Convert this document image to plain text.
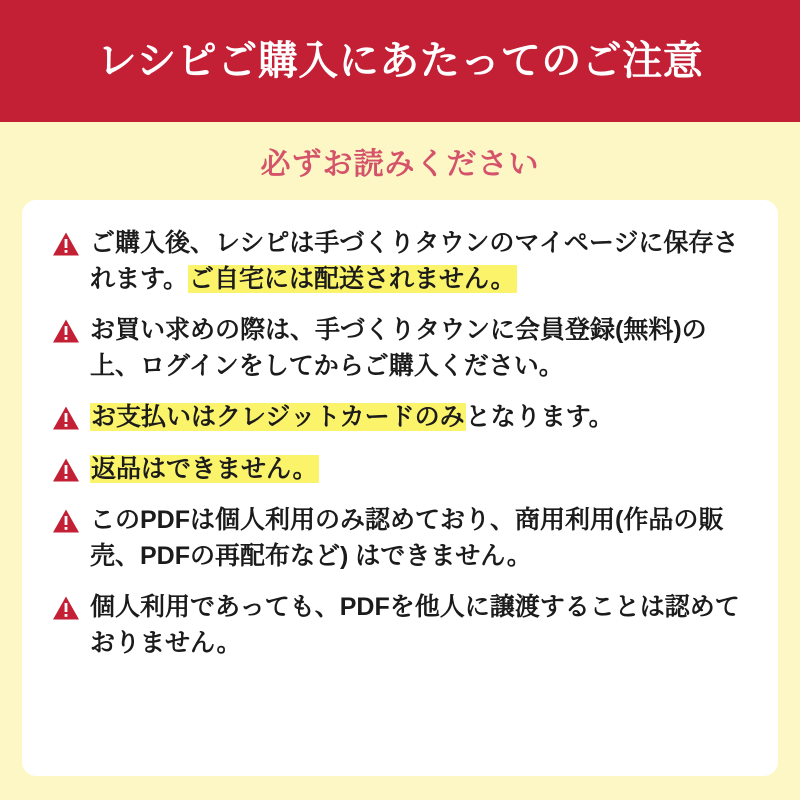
レシピご購入にあたってのご注意
必ずお読みください
ご購入後、レシピは手づくりタウンのマイページに保存されます。ご自宅には配送されません。
お買い求めの際は、手づくりタウンに会員登録(無料)の上、ログインをしてからご購入ください。
お支払いはクレジットカードのみとなります。
返品はできません。
このPDFは個人利用のみ認めており、商用利用(作品の販売、PDFの再配布など) はできません。
個人利用であっても、PDFを他人に譲渡することは認めておりません。
